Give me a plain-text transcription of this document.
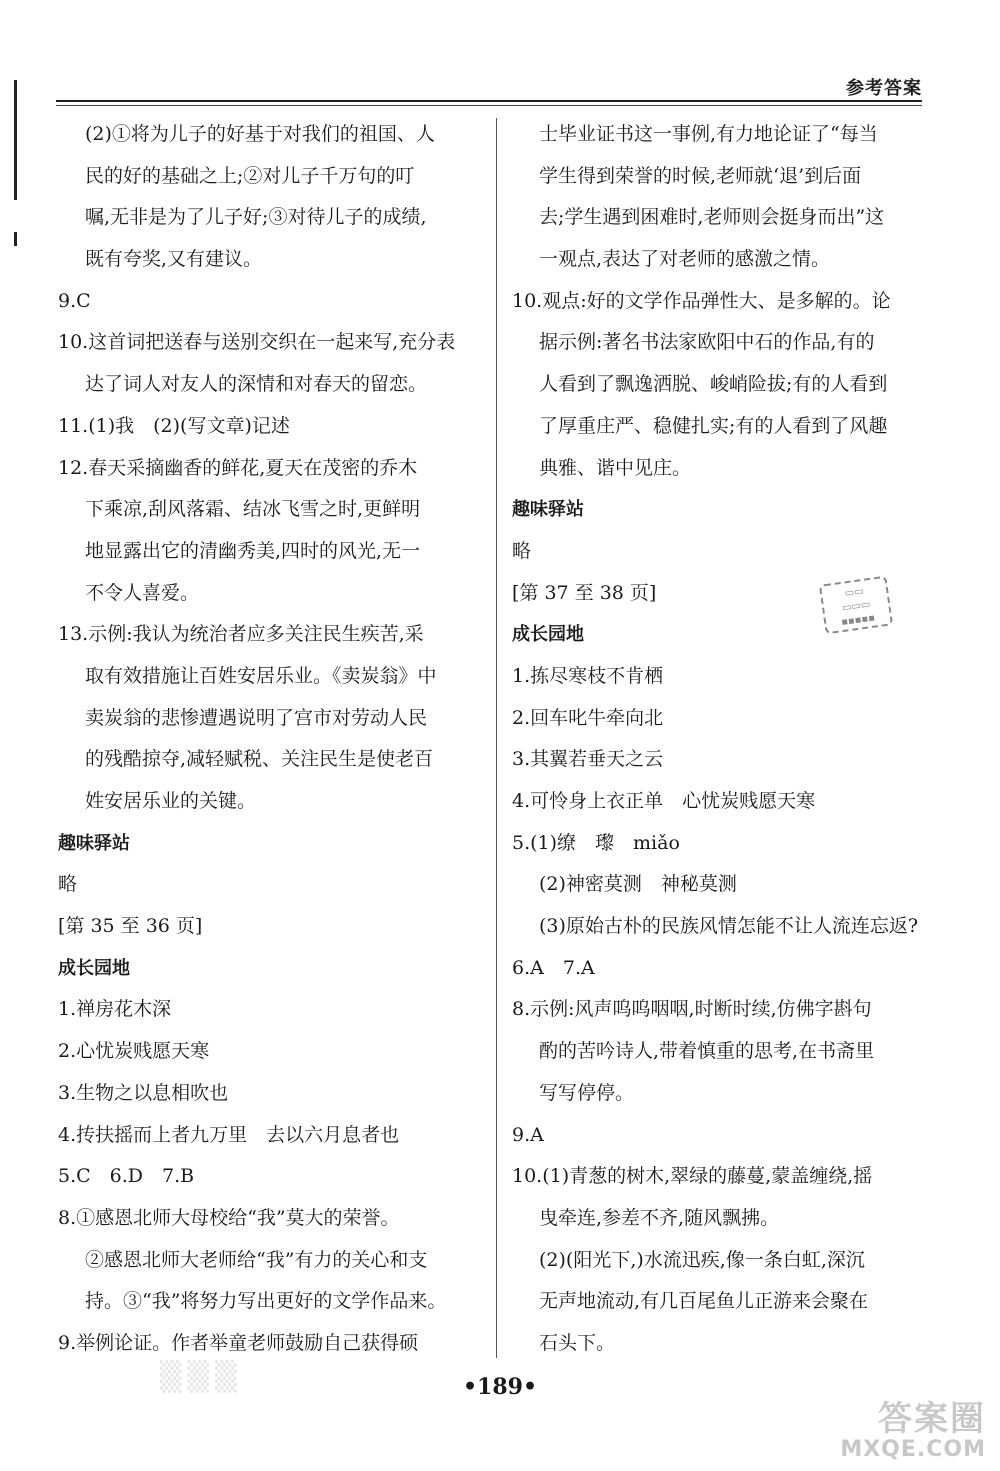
参考答案
(2)①将为儿子的好基于对我们的祖国、人
民的好的基础之上;②对儿子千万句的叮
嘱,无非是为了儿子好;③对待儿子的成绩,
既有夸奖,又有建议。
9.C
10.这首词把送春与送别交织在一起来写,充分表
达了词人对友人的深情和对春天的留恋。
11.(1)我　(2)(写文章)记述
12.春天采摘幽香的鲜花,夏天在茂密的乔木
下乘凉,刮风落霜、结冰飞雪之时,更鲜明
地显露出它的清幽秀美,四时的风光,无一
不令人喜爱。
13.示例:我认为统治者应多关注民生疾苦,采
取有效措施让百姓安居乐业。《卖炭翁》中
卖炭翁的悲惨遭遇说明了宫市对劳动人民
的残酷掠夺,减轻赋税、关注民生是使老百
姓安居乐业的关键。
趣味驿站
略
[第 35 至 36 页]
成长园地
1.禅房花木深
2.心忧炭贱愿天寒
3.生物之以息相吹也
4.抟扶摇而上者九万里　去以六月息者也
5.C　6.D　7.B
8.①感恩北师大母校给“我”莫大的荣誉。
②感恩北师大老师给“我”有力的关心和支
持。③“我”将努力写出更好的文学作品来。
9.举例论证。作者举童老师鼓励自己获得硕
士毕业证书这一事例,有力地论证了“每当
学生得到荣誉的时候,老师就‘退’到后面
去;学生遇到困难时,老师则会挺身而出”这
一观点,表达了对老师的感激之情。
10.观点:好的文学作品弹性大、是多解的。论
据示例:著名书法家欧阳中石的作品,有的
人看到了飘逸洒脱、峻峭险拔;有的人看到
了厚重庄严、稳健扎实;有的人看到了风趣
典雅、谐中见庄。
趣味驿站
略
[第 37 至 38 页]
成长园地
1.拣尽寒枝不肯栖
2.回车叱牛牵向北
3.其翼若垂天之云
4.可怜身上衣正单　心忧炭贱愿天寒
5.(1)缭　瓈　miǎo
(2)神密莫测　神秘莫测
(3)原始古朴的民族风情怎能不让人流连忘返?
6.A　7.A
8.示例:风声呜呜咽咽,时断时续,仿佛字斟句
酌的苦吟诗人,带着慎重的思考,在书斋里
写写停停。
9.A
10.(1)青葱的树木,翠绿的藤蔓,蒙盖缠绕,摇
曳牵连,参差不齐,随风飘拂。
(2)(阳光下,)水流迅疾,像一条白虹,深沉
无声地流动,有几百尾鱼儿正游来会聚在
石头下。
▭▭
▭▭▭
▪▪▪▪▪
▒▒▒	•189•
答案圈
MXQE.COM
